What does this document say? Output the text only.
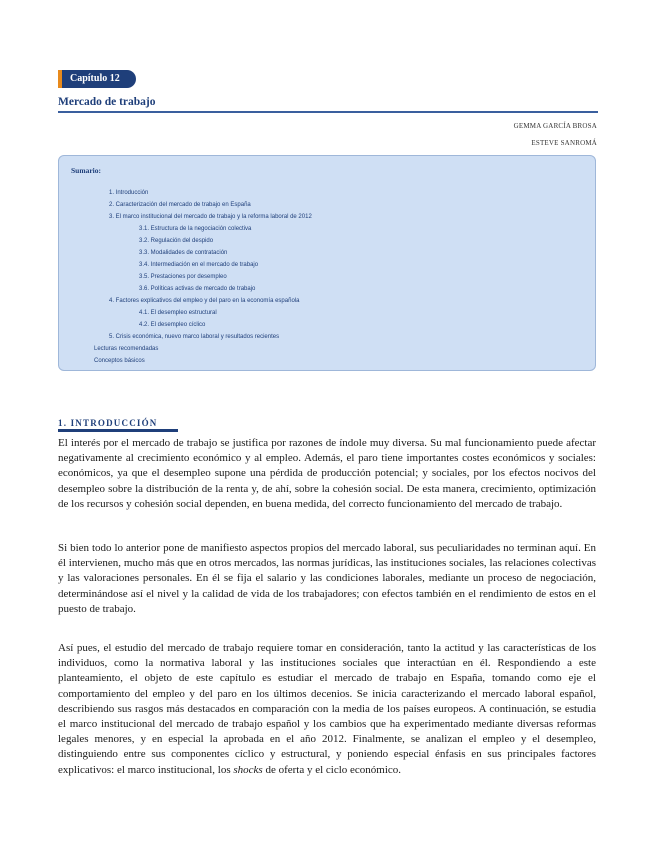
Capítulo 12
Mercado de trabajo
GEMMA GARCÍA BROSA
ESTEVE SANROMÁ
Sumario:
1. Introducción
2. Caracterización del mercado de trabajo en España
3. El marco institucional del mercado de trabajo y la reforma laboral de 2012
3.1. Estructura de la negociación colectiva
3.2. Regulación del despido
3.3. Modalidades de contratación
3.4. Intermediación en el mercado de trabajo
3.5. Prestaciones por desempleo
3.6. Políticas activas de mercado de trabajo
4. Factores explicativos del empleo y del paro en la economía española
4.1. El desempleo estructural
4.2. El desempleo cíclico
5. Crisis económica, nuevo marco laboral y resultados recientes
Lecturas recomendadas
Conceptos básicos
1. INTRODUCCIÓN

El interés por el mercado de trabajo se justifica por razones de índole muy diversa. Su mal funcionamiento puede afectar negativamente al crecimiento económico y al empleo. Además, el paro tiene importantes costes económicos y sociales: económicos, ya que el desempleo supone una pérdida de producción potencial; y sociales, por los efectos nocivos del desempleo sobre la distribución de la renta y, de ahí, sobre la cohesión social. De esta manera, crecimiento, optimización de los recursos y cohesión social dependen, en buena medida, del correcto funcionamiento del mercado de trabajo.

Si bien todo lo anterior pone de manifiesto aspectos propios del mercado laboral, sus peculiaridades no terminan aquí. En él intervienen, mucho más que en otros mercados, las normas jurídicas, las instituciones sociales, las relaciones colectivas y las valoraciones personales. En él se fija el salario y las condiciones laborales, mediante un proceso de negociación, determinándose así el nivel y la calidad de vida de los trabajadores; con efectos también en el rendimiento de estos en el puesto de trabajo.

Así pues, el estudio del mercado de trabajo requiere tomar en consideración, tanto la actitud y las características de los individuos, como la normativa laboral y las instituciones sociales que interactúan en él. Respondiendo a este planteamiento, el objeto de este capítulo es estudiar el mercado de trabajo en España, tomando como eje el comportamiento del empleo y del paro en los últimos decenios. Se inicia caracterizando el mercado laboral español, describiendo sus rasgos más destacados en comparación con la media de los países europeos. A continuación, se estudia el marco institucional del mercado de trabajo español y los cambios que ha experimentado mediante diversas reformas legales menores, y en especial la aprobada en el año 2012. Finalmente, se analizan el empleo y el desempleo, distinguiendo entre sus componentes cíclico y estructural, y poniendo especial énfasis en sus principales factores explicativos: el marco institucional, los shocks de oferta y el ciclo económico.
